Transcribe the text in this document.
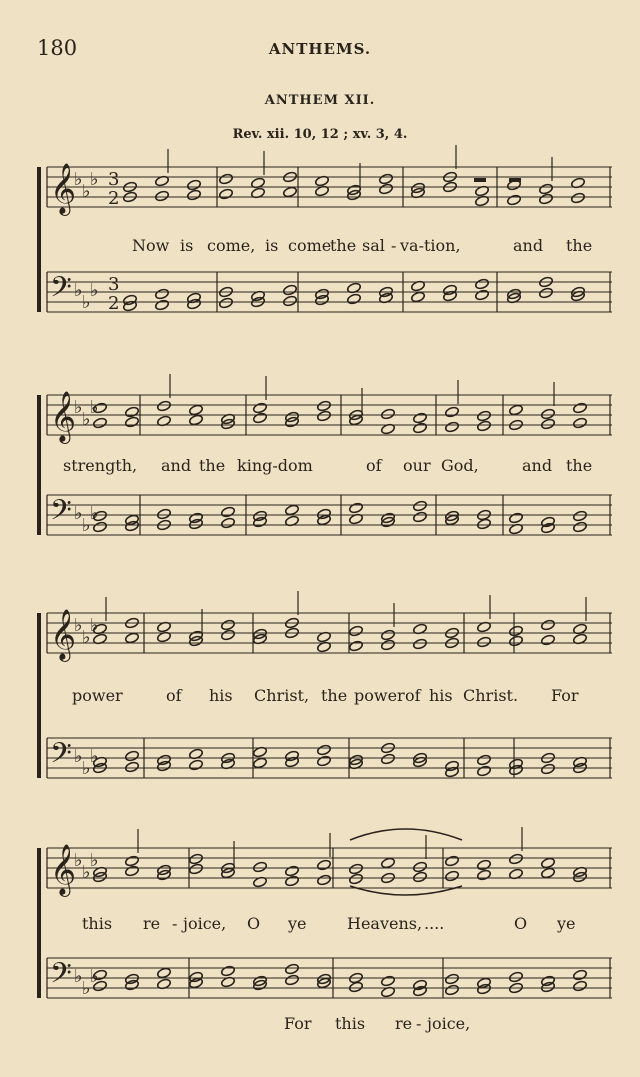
180	ANTHEMS.
ANTHEM XII.
Rev. xii. 10, 12 ; xv. 3, 4.
𝄞
𝄢
♭
♭
♭
♭
♭
♭
3
2
3
2
𝄞
𝄢
♭
♭
♭
♭
♭
♭
𝄞
𝄢
♭
♭
♭
♭
♭
♭
𝄞
𝄢
♭
♭
♭
♭
♭
♭
Now is come, is come
the sal - va-tion,	and the
strength, and the king-dom	of our God,	and the
power	of his Christ, the power of his Christ. For
this re - joice, O ye	Heavens, ....	O ye
For this re - joice,
